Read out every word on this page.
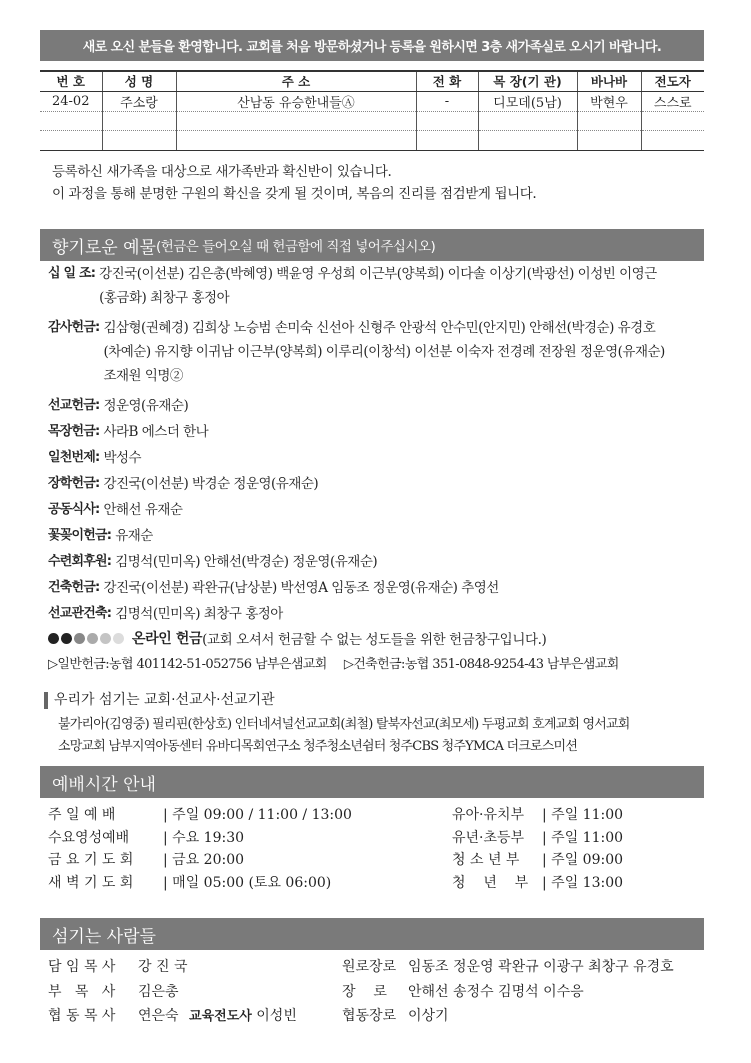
새로 오신 분들을 환영합니다. 교회를 처음 방문하셨거나 등록을 원하시면 3층 새가족실로 오시기 바랍니다.
번 호	성 명	주 소	전 화	목 장(기 관)	바나바	전도자
24-02	주소랑	산남동 유승한내들Ⓐ	-	디모데(5남)	박현우	스스로

등록하신 새가족을 대상으로 새가족반과 확신반이 있습니다.
이 과정을 통해 분명한 구원의 확신을 갖게 될 것이며, 복음의 진리를 점검받게 됩니다.
향기로운 예물 (헌금은 들어오실 때 헌금함에 직접 넣어주십시오)
십 일 조: 강진국(이선분) 김은총(박혜영) 백윤영 우성희 이근부(양복희) 이다솔 이상기(박광선) 이성빈 이영근
(홍금화) 최창구 홍정아
감사헌금: 김삼형(권혜경) 김희상 노승범 손미숙 신선아 신형주 안광석 안수민(안지민) 안해선(박경순) 유경호
(차예순) 유지향 이귀남 이근부(양복희) 이루리(이창석) 이선분 이숙자 전경례 전장원 정운영(유재순)
조재원 익명②
선교헌금: 정운영(유재순)
목장헌금: 사라B 에스더 한나
일천번제: 박성수
장학헌금: 강진국(이선분) 박경순 정운영(유재순)
공동식사: 안해선 유재순
꽃꽂이헌금: 유재순
수련회후원: 김명석(민미옥) 안해선(박경순) 정운영(유재순)
건축헌금: 강진국(이선분) 곽완규(남상분) 박선영A 임동조 정운영(유재순) 추영선
선교관건축: 김명석(민미옥) 최창구 홍정아
온라인 헌금 (교회 오셔서 헌금할 수 없는 성도들을 위한 헌금창구입니다.)
▷일반헌금:농협 401142-51-052756 남부은샘교회 ▷건축헌금:농협 351-0848-9254-43 남부은샘교회
우리가 섬기는 교회·선교사·선교기관
불가리아(김영중) 필리핀(한상호) 인터네셔널선교교회(최철) 탈북자선교(최모세) 두평교회 호계교회 영서교회
소망교회 남부지역아동센터 유바디목회연구소 청주청소년쉼터 청주CBS 청주YMCA 더크로스미션
예배시간 안내
주 일 예 배	| 주일 09:00 / 11:00 / 13:00
수요영성예배 | 수요 19:30
금 요 기 도 회 | 금요 20:00
새 벽 기 도 회 | 매일 05:00 (토요 06:00)
유아·유치부 | 주일 11:00
유년·초등부 | 주일 11:00
청 소 년 부 | 주일 09:00
청    년    부 | 주일 13:00
섬기는 사람들
담 임 목 사 강 진 국
부   목   사 김은총
협 동 목 사 연은숙 교육전도사 이성빈
원로장로 임동조 정운영 곽완규 이광구 최창구 유경호
장    로 안해선 송정수 김명석 이수응
협동장로 이상기
